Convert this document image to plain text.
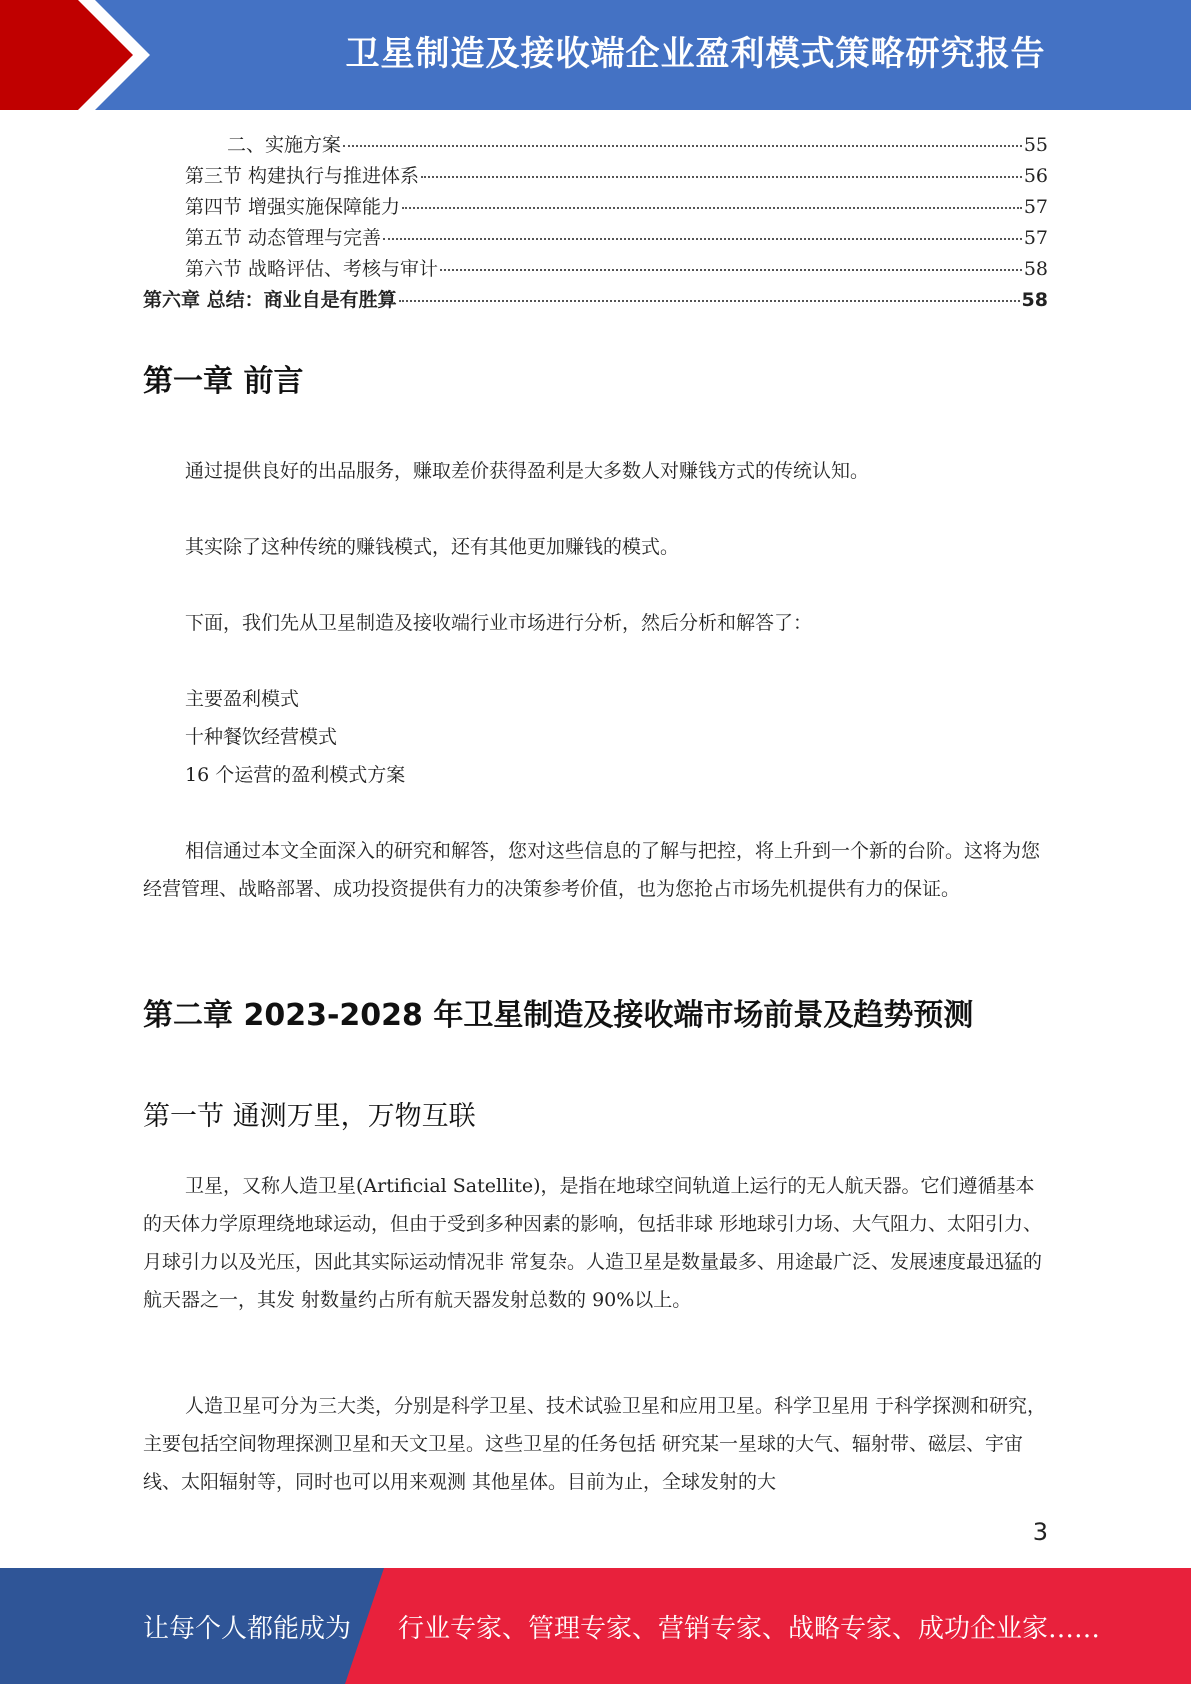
卫星制造及接收端企业盈利模式策略研究报告
二、实施方案	55
第三节 构建执行与推进体系	56
第四节 增强实施保障能力	57
第五节 动态管理与完善	57
第六节 战略评估、考核与审计	58
第六章 总结：商业自是有胜算	58
第一章 前言
通过提供良好的出品服务，赚取差价获得盈利是大多数人对赚钱方式的传统认知。
其实除了这种传统的赚钱模式，还有其他更加赚钱的模式。
下面，我们先从卫星制造及接收端行业市场进行分析，然后分析和解答了：
主要盈利模式
十种餐饮经营模式
16 个运营的盈利模式方案
相信通过本文全面深入的研究和解答，您对这些信息的了解与把控，将上升到一个新的台阶。这将为您经营管理、战略部署、成功投资提供有力的决策参考价值，也为您抢占市场先机提供有力的保证。
第二章 2023-2028 年卫星制造及接收端市场前景及趋势预测
第一节 通测万里，万物互联
卫星，又称人造卫星(Artificial Satellite)，是指在地球空间轨道上运行的无人航天器。它们遵循基本的天体力学原理绕地球运动，但由于受到多种因素的影响，包括非球 形地球引力场、大气阻力、太阳引力、月球引力以及光压，因此其实际运动情况非 常复杂。人造卫星是数量最多、用途最广泛、发展速度最迅猛的航天器之一，其发 射数量约占所有航天器发射总数的 90%以上。
人造卫星可分为三大类，分别是科学卫星、技术试验卫星和应用卫星。科学卫星用 于科学探测和研究，主要包括空间物理探测卫星和天文卫星。这些卫星的任务包括 研究某一星球的大气、辐射带、磁层、宇宙线、太阳辐射等，同时也可以用来观测 其他星体。目前为止，全球发射的大
3
让每个人都能成为 行业专家、管理专家、营销专家、战略专家、成功企业家……
